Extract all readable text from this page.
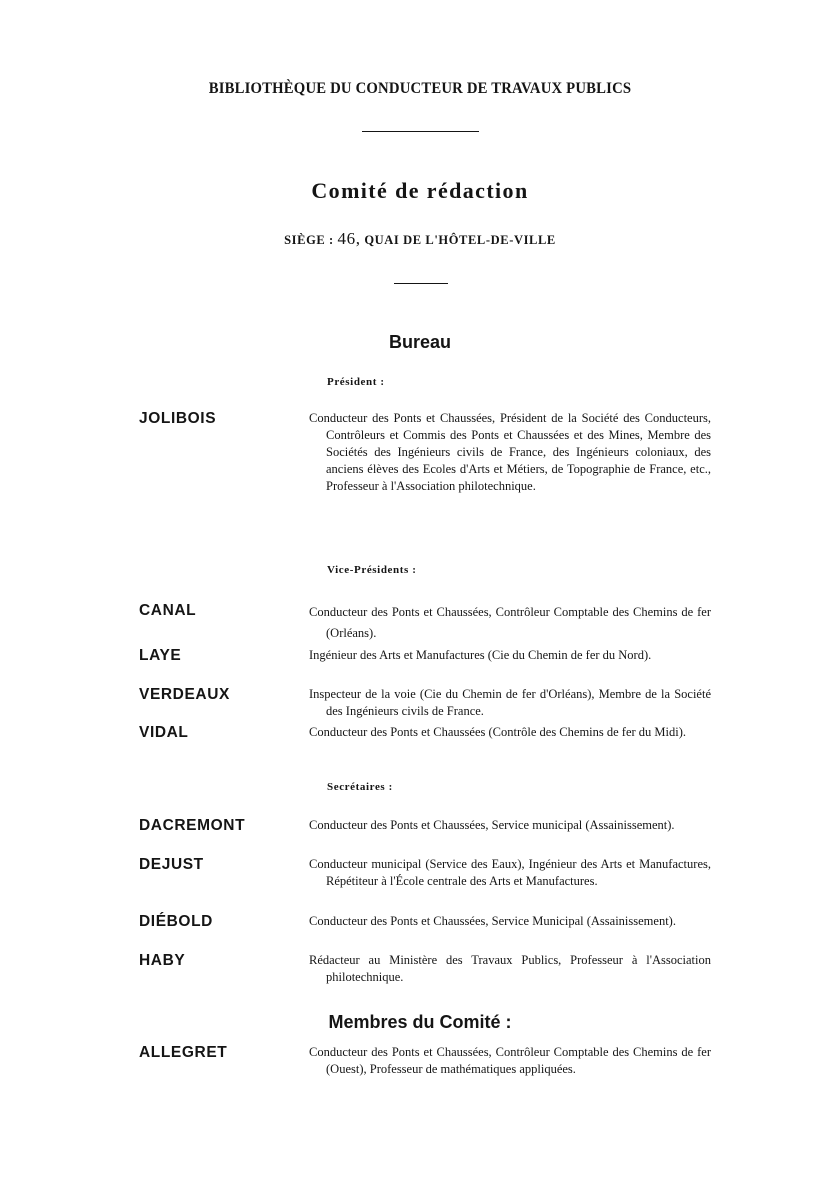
BIBLIOTHÈQUE DU CONDUCTEUR DE TRAVAUX PUBLICS
Comité de rédaction
SIÈGE : 46, QUAI DE L'HÔTEL-DE-VILLE
Bureau
Président :
JOLIBOIS	Conducteur des Ponts et Chaussées, Président de la Société des Conducteurs, Contrôleurs et Commis des Ponts et Chaussées et des Mines, Membre des Sociétés des Ingénieurs civils de France, des Ingénieurs coloniaux, des anciens élèves des Ecoles d'Arts et Métiers, de Topographie de France, etc., Professeur à l'Association philotechnique.
Vice-Présidents :
CANAL	Conducteur des Ponts et Chaussées, Contrôleur Comptable des Chemins de fer (Orléans).
LAYE	Ingénieur des Arts et Manufactures (Cie du Chemin de fer du Nord).
VERDEAUX	Inspecteur de la voie (Cie du Chemin de fer d'Orléans), Membre de la Société des Ingénieurs civils de France.
VIDAL	Conducteur des Ponts et Chaussées (Contrôle des Chemins de fer du Midi).
Secrétaires :
DACREMONT	Conducteur des Ponts et Chaussées, Service municipal (Assainissement).
DEJUST	Conducteur municipal (Service des Eaux), Ingénieur des Arts et Manufactures, Répétiteur à l'École centrale des Arts et Manufactures.
DIÉBOLD	Conducteur des Ponts et Chaussées, Service Municipal (Assainissement).
HABY	Rédacteur au Ministère des Travaux Publics, Professeur à l'Association philotechnique.
Membres du Comité :
ALLEGRET	Conducteur des Ponts et Chaussées, Contrôleur Comptable des Chemins de fer (Ouest), Professeur de mathématiques appliquées.
